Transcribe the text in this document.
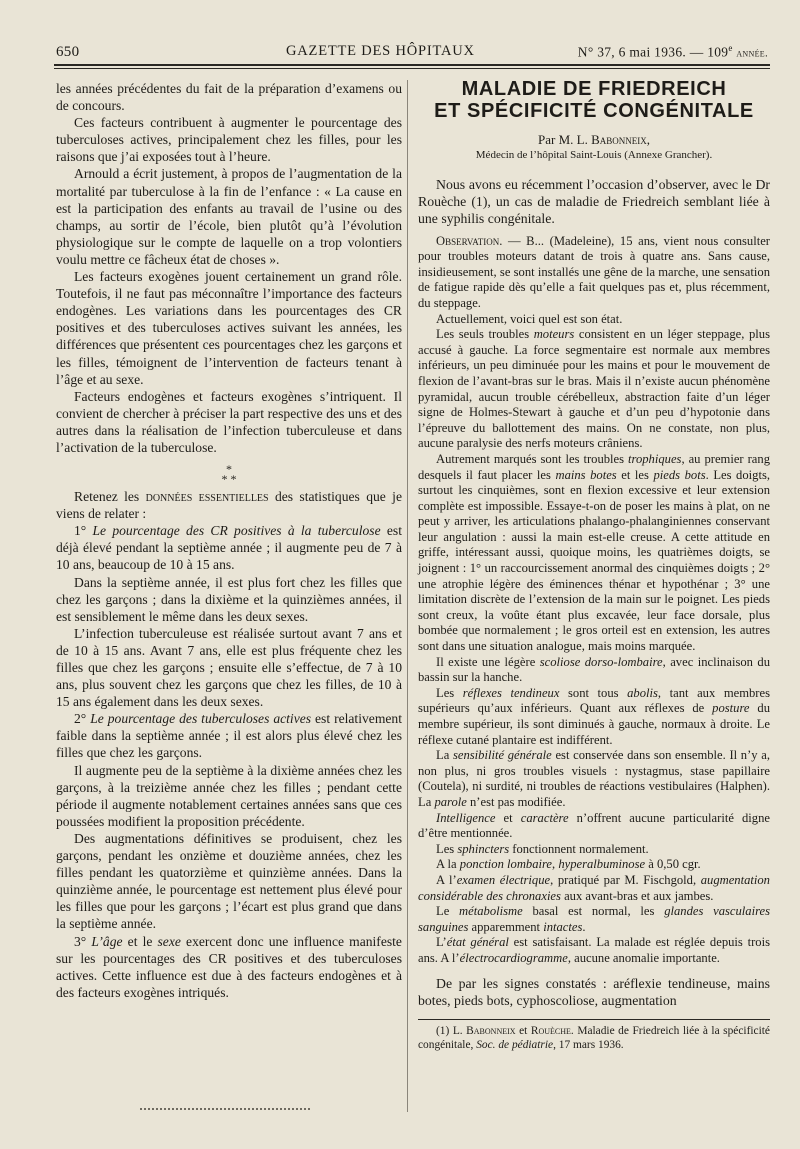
650	GAZETTE DES HÔPITAUX	N° 37, 6 mai 1936. — 109e année.

les années précédentes du fait de la préparation d’examens ou de concours.

Ces facteurs contribuent à augmenter le pourcentage des tuberculoses actives, principalement chez les filles, pour les raisons que j’ai exposées tout à l’heure.

Arnould a écrit justement, à propos de l’augmentation de la mortalité par tuberculose à la fin de l’enfance : « La cause en est la participation des enfants au travail de l’usine ou des champs, au sortir de l’école, bien plutôt qu’à l’évolution physiologique sur le compte de laquelle on a trop volontiers voulu mettre ce fâcheux état de choses ».

Les facteurs exogènes jouent certainement un grand rôle. Toutefois, il ne faut pas méconnaître l’importance des facteurs endogènes. Les variations dans les pourcentages des CR positives et des tuberculoses actives suivant les années, les différences que présentent ces pourcentages chez les garçons et les filles, témoignent de l’intervention de facteurs tenant à l’âge et au sexe.

Facteurs endogènes et facteurs exogènes s’intriquent. Il convient de chercher à préciser la part respective des uns et des autres dans la réalisation de l’infection tuberculeuse et dans l’activation de la tuberculose.

*
* *

Retenez les données essentielles des statistiques que je viens de relater :

1° Le pourcentage des CR positives à la tuberculose est déjà élevé pendant la septième année ; il augmente peu de 7 à 10 ans, beaucoup de 10 à 15 ans.

Dans la septième année, il est plus fort chez les filles que chez les garçons ; dans la dixième et la quinzièmes années, il est sensiblement le même dans les deux sexes.

L’infection tuberculeuse est réalisée surtout avant 7 ans et de 10 à 15 ans. Avant 7 ans, elle est plus fréquente chez les filles que chez les garçons ; ensuite elle s’effectue, de 7 à 10 ans, plus souvent chez les garçons que chez les filles, de 10 à 15 ans également dans les deux sexes.

2° Le pourcentage des tuberculoses actives est relativement faible dans la septième année ; il est alors plus élevé chez les filles que chez les garçons.

Il augmente peu de la septième à la dixième années chez les garçons, à la treizième année chez les filles ; pendant cette période il augmente notablement certaines années sans que ces poussées modifient la proposition précédente.

Des augmentations définitives se produisent, chez les garçons, pendant les onzième et douzième années, chez les filles pendant les quatorzième et quinzième années. Dans la quinzième année, le pourcentage est nettement plus élevé pour les filles que pour les garçons ; l’écart est plus grand que dans la septième année.

3° L’âge et le sexe exercent donc une influence manifeste sur les pourcentages des CR positives et des tuberculoses actives. Cette influence est due à des facteurs endogènes et à des facteurs exogènes intriqués.

MALADIE DE FRIEDREICH
ET SPÉCIFICITÉ CONGÉNITALE
Par M. L. Babonneix,
Médecin de l’hôpital Saint-Louis (Annexe Grancher).

Nous avons eu récemment l’occasion d’observer, avec le Dr Rouèche (1), un cas de maladie de Friedreich semblant liée à une syphilis congénitale.

Observation. — B... (Madeleine), 15 ans, vient nous consulter pour troubles moteurs datant de trois à quatre ans. Sans cause, insidieusement, se sont installés une gêne de la marche, une sensation de fatigue rapide dès qu’elle a fait quelques pas et, plus récemment, du steppage.

Actuellement, voici quel est son état.

Les seuls troubles moteurs consistent en un léger steppage, plus accusé à gauche. La force segmentaire est normale aux membres inférieurs, un peu diminuée pour les mains et pour le mouvement de flexion de l’avant-bras sur le bras. Mais il n’existe aucun phénomène pyramidal, aucun trouble cérébelleux, abstraction faite d’un léger signe de Holmes-Stewart à gauche et d’un peu d’hypotonie dans l’épreuve du ballottement des mains. On ne constate, non plus, aucune paralysie des nerfs moteurs crâniens.

Autrement marqués sont les troubles trophiques, au premier rang desquels il faut placer les mains botes et les pieds bots. Les doigts, surtout les cinquièmes, sont en flexion excessive et leur extension complète est impossible. Essaye-t-on de poser les mains à plat, on ne peut y arriver, les articulations phalango-phalanginiennes conservant leur angulation : aussi la main est-elle creuse. A cette attitude en griffe, intéressant aussi, quoique moins, les quatrièmes doigts, se joignent : 1° un raccourcissement anormal des cinquièmes doigts ; 2° une atrophie légère des éminences thénar et hypothénar ; 3° une limitation discrète de l’extension de la main sur le poignet. Les pieds sont creux, la voûte étant plus excavée, leur face dorsale, plus bombée que normalement ; le gros orteil est en extension, les autres sont dans une situation analogue, mais moins marquée.

Il existe une légère scoliose dorso-lombaire, avec inclinaison du bassin sur la hanche.

Les réflexes tendineux sont tous abolis, tant aux membres supérieurs qu’aux inférieurs. Quant aux réflexes de posture du membre supérieur, ils sont diminués à gauche, normaux à droite. Le réflexe cutané plantaire est indifférent.

La sensibilité générale est conservée dans son ensemble. Il n’y a, non plus, ni gros troubles visuels : nystagmus, stase papillaire (Coutela), ni surdité, ni troubles de réactions vestibulaires (Halphen). La parole n’est pas modifiée.

Intelligence et caractère n’offrent aucune particularité digne d’être mentionnée.

Les sphincters fonctionnent normalement.

A la ponction lombaire, hyperalbuminose à 0,50 cgr.

A l’examen électrique, pratiqué par M. Fischgold, augmentation considérable des chronaxies aux avant-bras et aux jambes.

Le métabolisme basal est normal, les glandes vasculaires sanguines apparemment intactes.

L’état général est satisfaisant. La malade est réglée depuis trois ans. A l’électrocardiogramme, aucune anomalie importante.

De par les signes constatés : aréflexie tendineuse, mains botes, pieds bots, cyphoscoliose, augmentation

(1) L. Babonneix et Rouèche. Maladie de Friedreich liée à la spécificité congénitale, Soc. de pédiatrie, 17 mars 1936.
